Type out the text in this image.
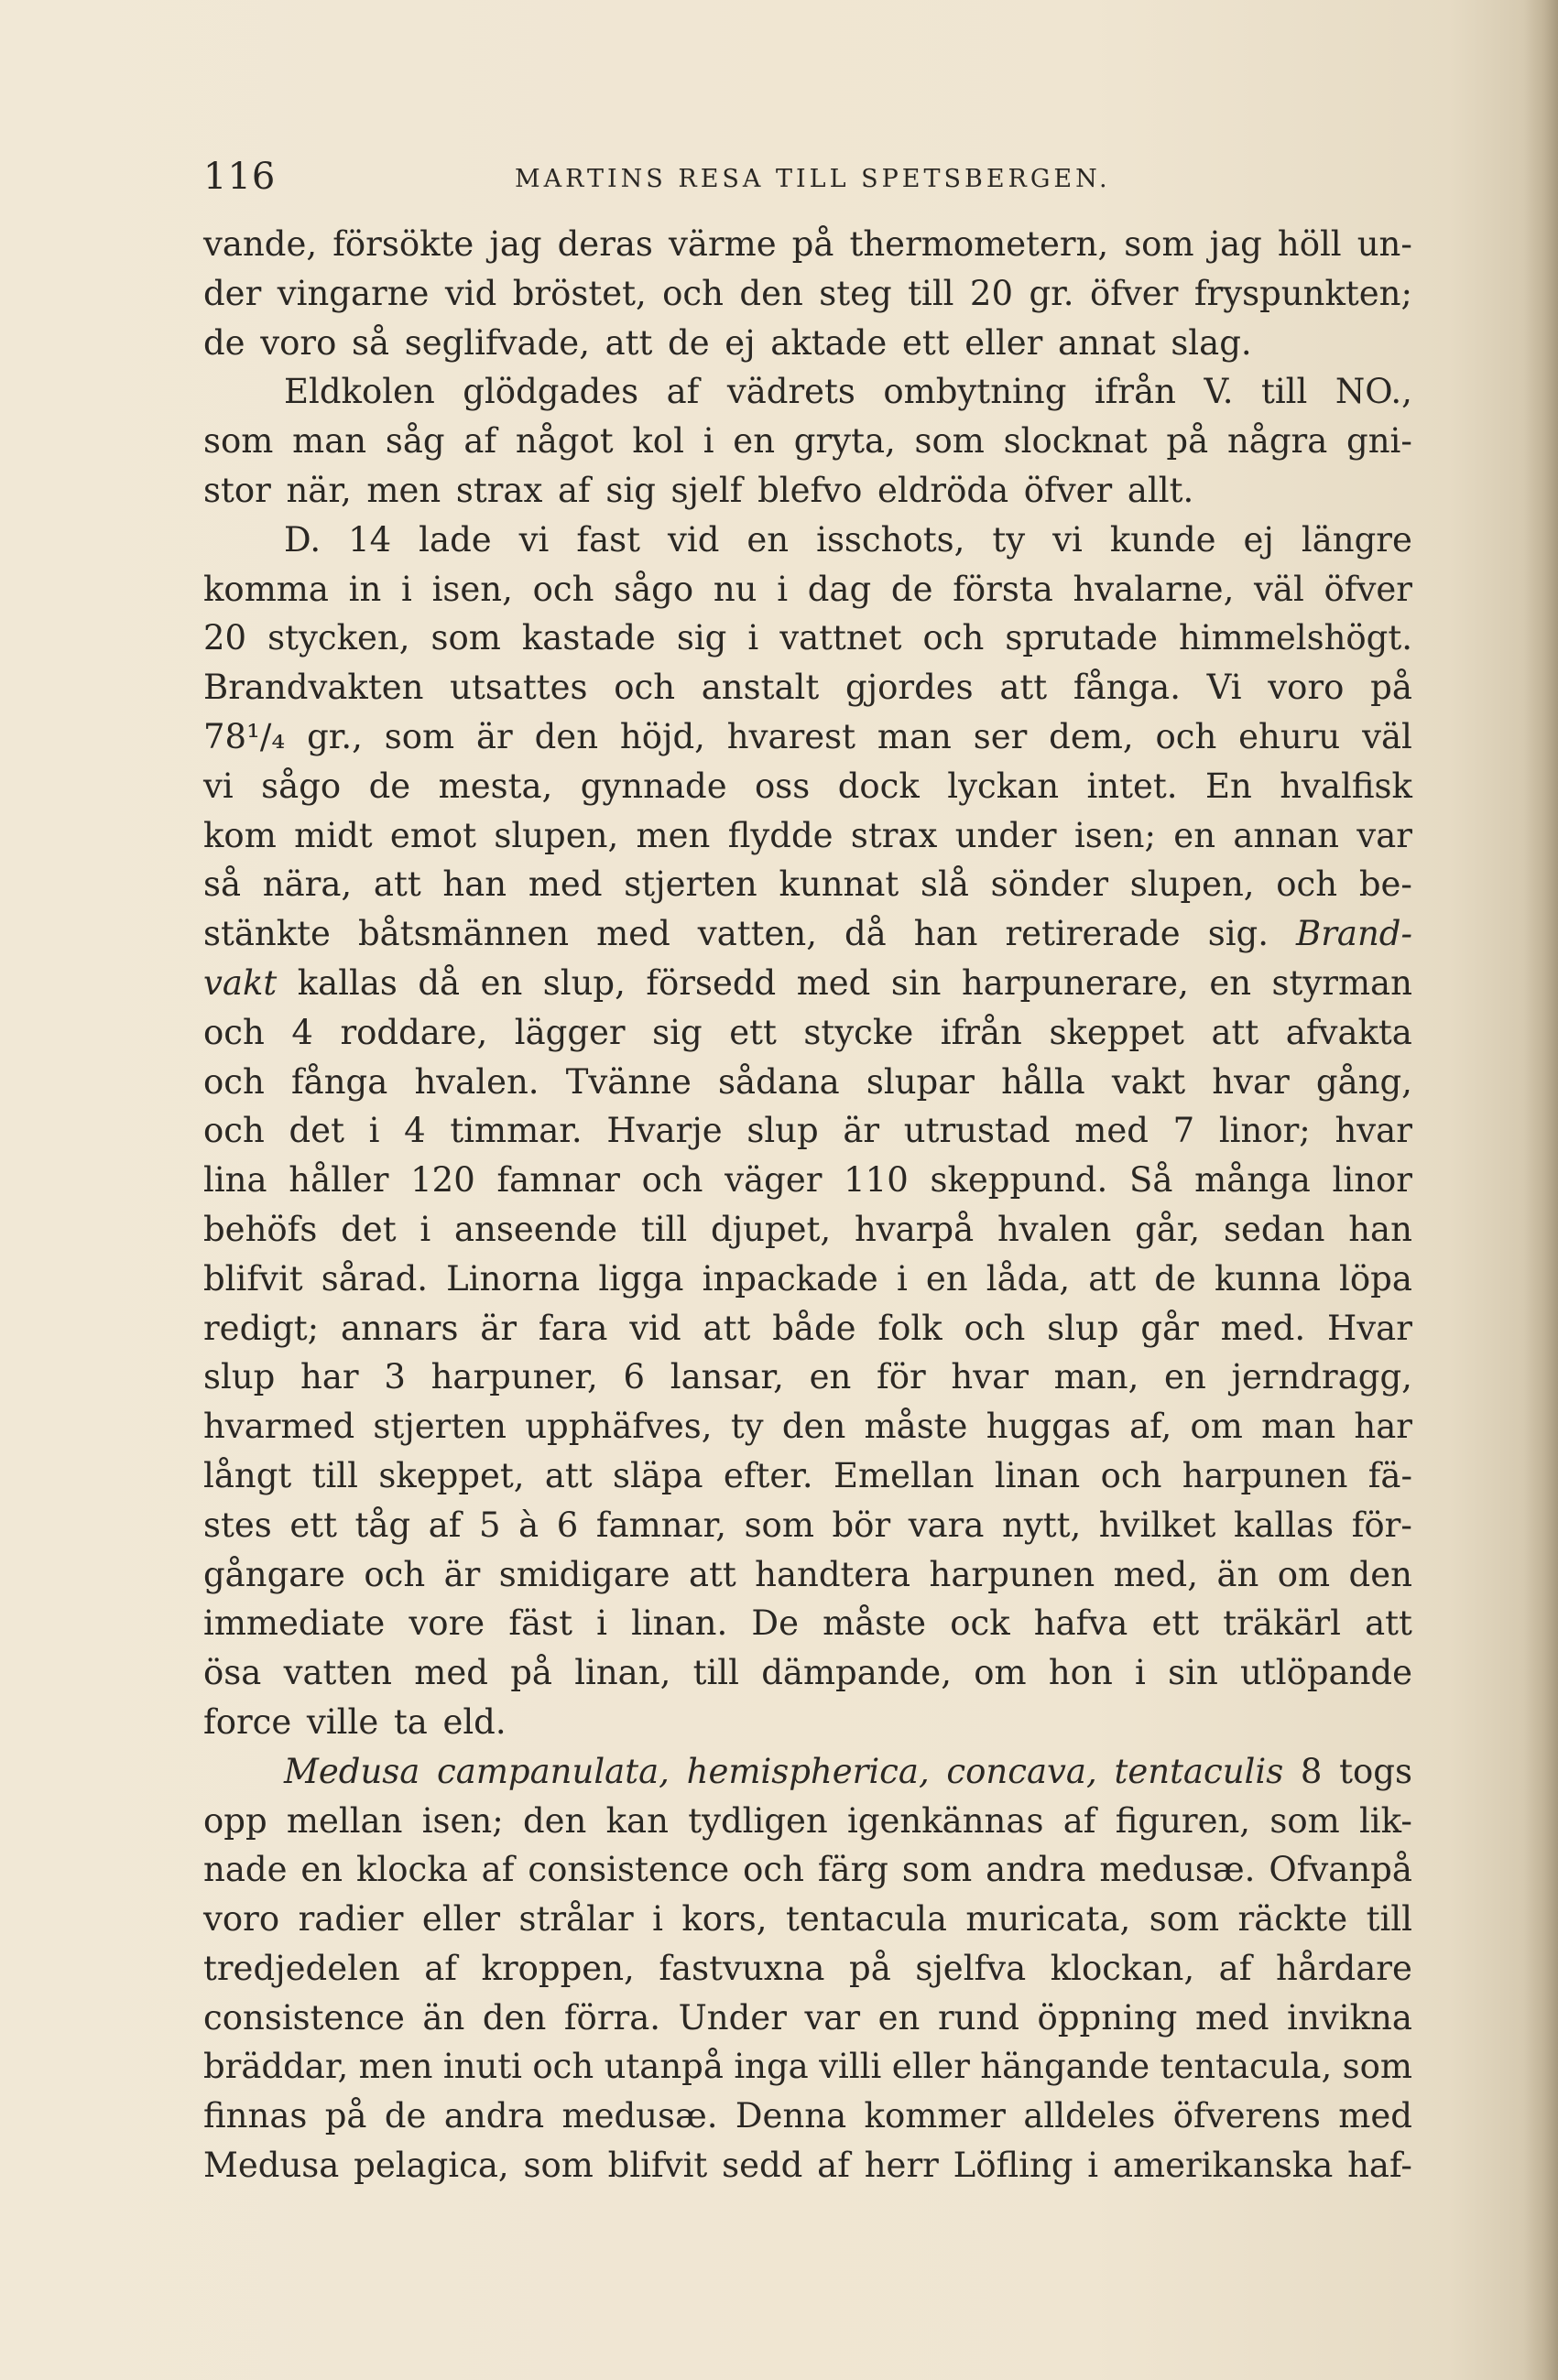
116	MARTINS RESA TILL SPETSBERGEN.
vande, försökte jag deras värme på thermometern, som jag höll un-
der vingarne vid bröstet, och den steg till 20 gr. öfver fryspunkten;
de voro så seglifvade, att de ej aktade ett eller annat slag.
Eldkolen glödgades af vädrets ombytning ifrån V. till NO.,
som man såg af något kol i en gryta, som slocknat på några gni-
stor när, men strax af sig sjelf blefvo eldröda öfver allt.
D. 14 lade vi fast vid en isschots, ty vi kunde ej längre
komma in i isen, och sågo nu i dag de första hvalarne, väl öfver
20 stycken, som kastade sig i vattnet och sprutade himmelshögt.
Brandvakten utsattes och anstalt gjordes att fånga. Vi voro på
78¹/₄ gr., som är den höjd, hvarest man ser dem, och ehuru väl
vi sågo de mesta, gynnade oss dock lyckan intet. En hvalfisk
kom midt emot slupen, men flydde strax under isen; en annan var
så nära, att han med stjerten kunnat slå sönder slupen, och be-
stänkte båtsmännen med vatten, då han retirerade sig. Brand-
vakt kallas då en slup, försedd med sin harpunerare, en styrman
och 4 roddare, lägger sig ett stycke ifrån skeppet att afvakta
och fånga hvalen. Tvänne sådana slupar hålla vakt hvar gång,
och det i 4 timmar. Hvarje slup är utrustad med 7 linor; hvar
lina håller 120 famnar och väger 110 skeppund. Så många linor
behöfs det i anseende till djupet, hvarpå hvalen går, sedan han
blifvit sårad. Linorna ligga inpackade i en låda, att de kunna löpa
redigt; annars är fara vid att både folk och slup går med. Hvar
slup har 3 harpuner, 6 lansar, en för hvar man, en jerndragg,
hvarmed stjerten upphäfves, ty den måste huggas af, om man har
långt till skeppet, att släpa efter. Emellan linan och harpunen fä-
stes ett tåg af 5 à 6 famnar, som bör vara nytt, hvilket kallas för-
gångare och är smidigare att handtera harpunen med, än om den
immediate vore fäst i linan. De måste ock hafva ett träkärl att
ösa vatten med på linan, till dämpande, om hon i sin utlöpande
force ville ta eld.
Medusa campanulata, hemispherica, concava, tentaculis 8 togs
opp mellan isen; den kan tydligen igenkännas af figuren, som lik-
nade en klocka af consistence och färg som andra medusæ. Ofvanpå
voro radier eller strålar i kors, tentacula muricata, som räckte till
tredjedelen af kroppen, fastvuxna på sjelfva klockan, af hårdare
consistence än den förra. Under var en rund öppning med invikna
bräddar, men inuti och utanpå inga villi eller hängande tentacula, som
finnas på de andra medusæ. Denna kommer alldeles öfverens med
Medusa pelagica, som blifvit sedd af herr Löfling i amerikanska haf-
